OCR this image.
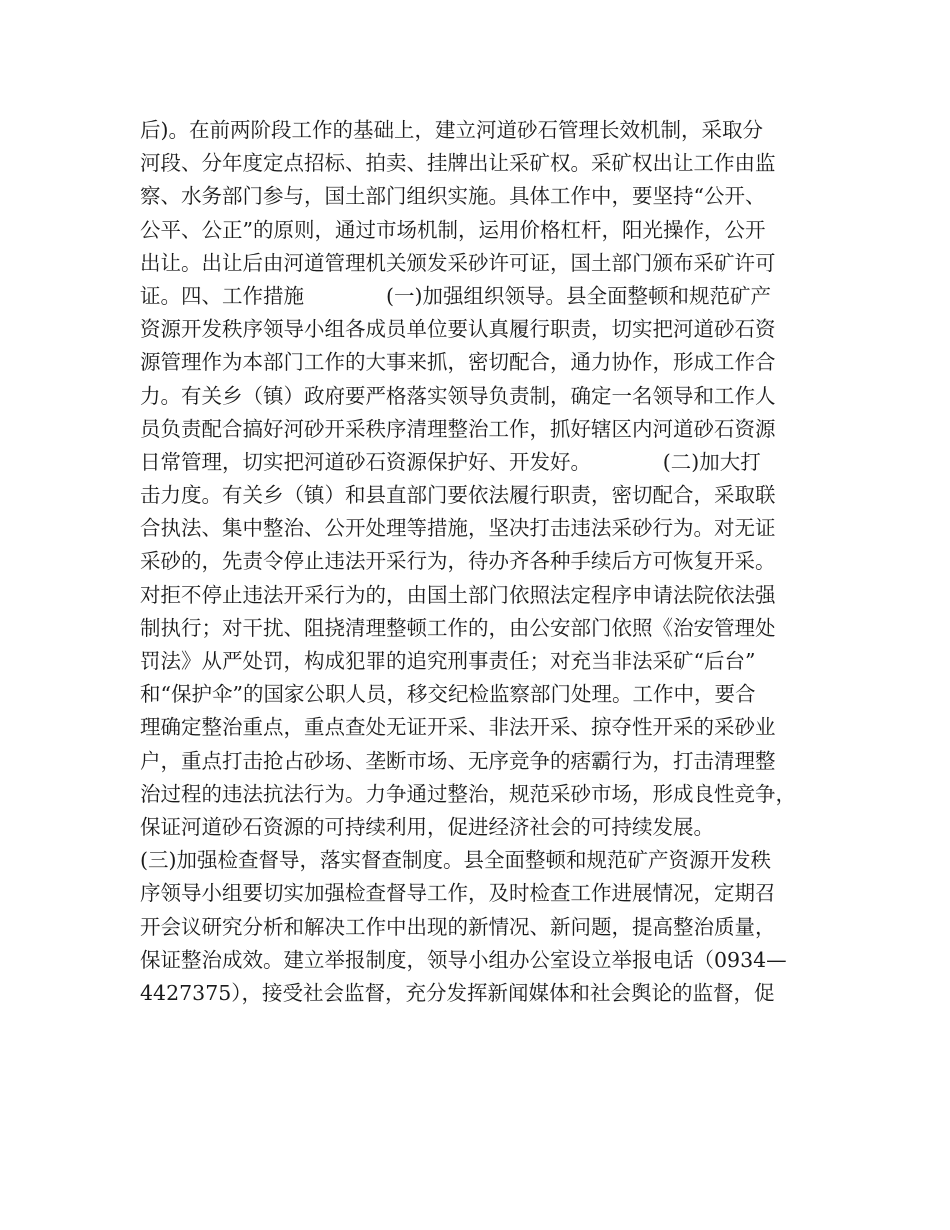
后)。在前两阶段工作的基础上，建立河道砂石管理长效机制，采取分
河段、分年度定点招标、拍卖、挂牌出让采矿权。采矿权出让工作由监
察、水务部门参与，国土部门组织实施。具体工作中，要坚持“公开、
公平、公正”的原则，通过市场机制，运用价格杠杆，阳光操作，公开
出让。出让后由河道管理机关颁发采砂许可证，国土部门颁布采矿许可
证。四、工作措施　　　　(一)加强组织领导。县全面整顿和规范矿产
资源开发秩序领导小组各成员单位要认真履行职责，切实把河道砂石资
源管理作为本部门工作的大事来抓，密切配合，通力协作，形成工作合
力。有关乡（镇）政府要严格落实领导负责制，确定一名领导和工作人
员负责配合搞好河砂开采秩序清理整治工作，抓好辖区内河道砂石资源
日常管理，切实把河道砂石资源保护好、开发好。　　　　(二)加大打
击力度。有关乡（镇）和县直部门要依法履行职责，密切配合，采取联
合执法、集中整治、公开处理等措施，坚决打击违法采砂行为。对无证
采砂的，先责令停止违法开采行为，待办齐各种手续后方可恢复开采。
对拒不停止违法开采行为的，由国土部门依照法定程序申请法院依法强
制执行；对干扰、阻挠清理整顿工作的，由公安部门依照《治安管理处
罚法》从严处罚，构成犯罪的追究刑事责任；对充当非法采矿“后台”
和“保护伞”的国家公职人员，移交纪检监察部门处理。工作中，要合
理确定整治重点，重点查处无证开采、非法开采、掠夺性开采的采砂业
户，重点打击抢占砂场、垄断市场、无序竞争的痞霸行为，打击清理整
治过程的违法抗法行为。力争通过整治，规范采砂市场，形成良性竞争，
保证河道砂石资源的可持续利用，促进经济社会的可持续发展。
(三)加强检查督导，落实督查制度。县全面整顿和规范矿产资源开发秩
序领导小组要切实加强检查督导工作，及时检查工作进展情况，定期召
开会议研究分析和解决工作中出现的新情况、新问题，提高整治质量，
保证整治成效。建立举报制度，领导小组办公室设立举报电话（0934—
4427375），接受社会监督，充分发挥新闻媒体和社会舆论的监督，促
